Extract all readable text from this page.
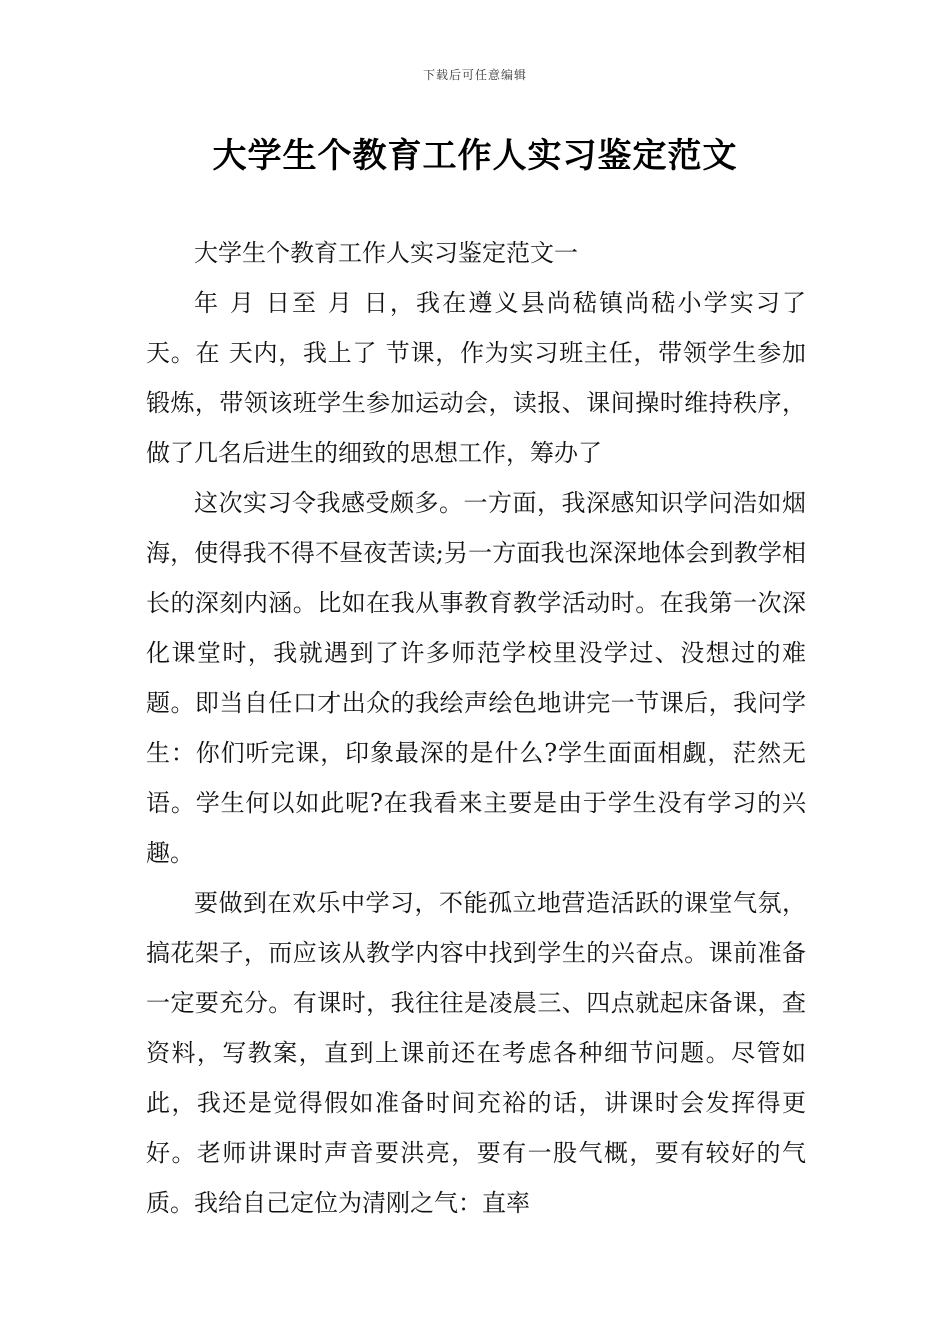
下载后可任意编辑
大学生个教育工作人实习鉴定范文

大学生个教育工作人实习鉴定范文一

年 月 日至 月 日，我在遵义县尚嵇镇尚嵇小学实习了 天。在 天内，我上了 节课，作为实习班主任，带领学生参加锻炼，带领该班学生参加运动会，读报、课间操时维持秩序，做了几名后进生的细致的思想工作，筹办了

这次实习令我感受颇多。一方面，我深感知识学问浩如烟海，使得我不得不昼夜苦读;另一方面我也深深地体会到教学相长的深刻内涵。比如在我从事教育教学活动时。在我第一次深化课堂时，我就遇到了许多师范学校里没学过、没想过的难题。即当自任口才出众的我绘声绘色地讲完一节课后，我问学生：你们听完课，印象最深的是什么?学生面面相觑，茫然无语。学生何以如此呢?在我看来主要是由于学生没有学习的兴趣。

要做到在欢乐中学习，不能孤立地营造活跃的课堂气氛，搞花架子，而应该从教学内容中找到学生的兴奋点。课前准备一定要充分。有课时，我往往是凌晨三、四点就起床备课，查资料，写教案，直到上课前还在考虑各种细节问题。尽管如此，我还是觉得假如准备时间充裕的话，讲课时会发挥得更好。老师讲课时声音要洪亮，要有一股气概，要有较好的气质。我给自己定位为清刚之气：直率
